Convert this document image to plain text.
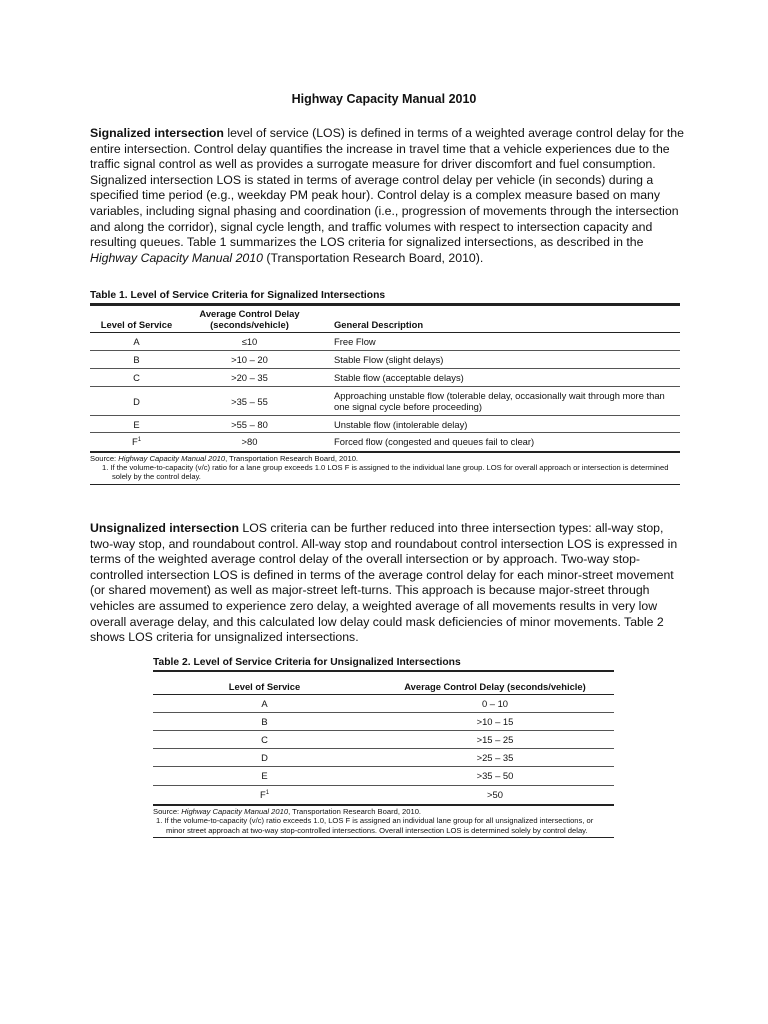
Highway Capacity Manual 2010

Signalized intersection level of service (LOS) is defined in terms of a weighted average control delay for the entire intersection. Control delay quantifies the increase in travel time that a vehicle experiences due to the traffic signal control as well as provides a surrogate measure for driver discomfort and fuel consumption. Signalized intersection LOS is stated in terms of average control delay per vehicle (in seconds) during a specified time period (e.g., weekday PM peak hour). Control delay is a complex measure based on many variables, including signal phasing and coordination (i.e., progression of movements through the intersection and along the corridor), signal cycle length, and traffic volumes with respect to intersection capacity and resulting queues. Table 1 summarizes the LOS criteria for signalized intersections, as described in the Highway Capacity Manual 2010 (Transportation Research Board, 2010).

Table 1. Level of Service Criteria for Signalized Intersections
Level of Service	Average Control Delay (seconds/vehicle)	General Description
A	≤10	Free Flow
B	>10 – 20	Stable Flow (slight delays)
C	>20 – 35	Stable flow (acceptable delays)
D	>35 – 55	Approaching unstable flow (tolerable delay, occasionally wait through more than one signal cycle before proceeding)
E	>55 – 80	Unstable flow (intolerable delay)
$F^1$	>80	Forced flow (congested and queues fail to clear)
Source: Highway Capacity Manual 2010, Transportation Research Board, 2010.
1. If the volume-to-capacity (v/c) ratio for a lane group exceeds 1.0 LOS F is assigned to the individual lane group. LOS for overall approach or intersection is determined solely by the control delay.

Unsignalized intersection LOS criteria can be further reduced into three intersection types: all-way stop, two-way stop, and roundabout control. All-way stop and roundabout control intersection LOS is expressed in terms of the weighted average control delay of the overall intersection or by approach. Two-way stop-controlled intersection LOS is defined in terms of the average control delay for each minor-street movement (or shared movement) as well as major-street left-turns. This approach is because major-street through vehicles are assumed to experience zero delay, a weighted average of all movements results in very low overall average delay, and this calculated low delay could mask deficiencies of minor movements. Table 2 shows LOS criteria for unsignalized intersections.

Table 2. Level of Service Criteria for Unsignalized Intersections
Level of Service	Average Control Delay (seconds/vehicle)
A	0 – 10
B	>10 – 15
C	>15 – 25
D	>25 – 35
E	>35 – 50
$F^1$	>50
Source: Highway Capacity Manual 2010, Transportation Research Board, 2010.
1. If the volume-to-capacity (v/c) ratio exceeds 1.0, LOS F is assigned an individual lane group for all unsignalized intersections, or minor street approach at two-way stop-controlled intersections. Overall intersection LOS is determined solely by control delay.
